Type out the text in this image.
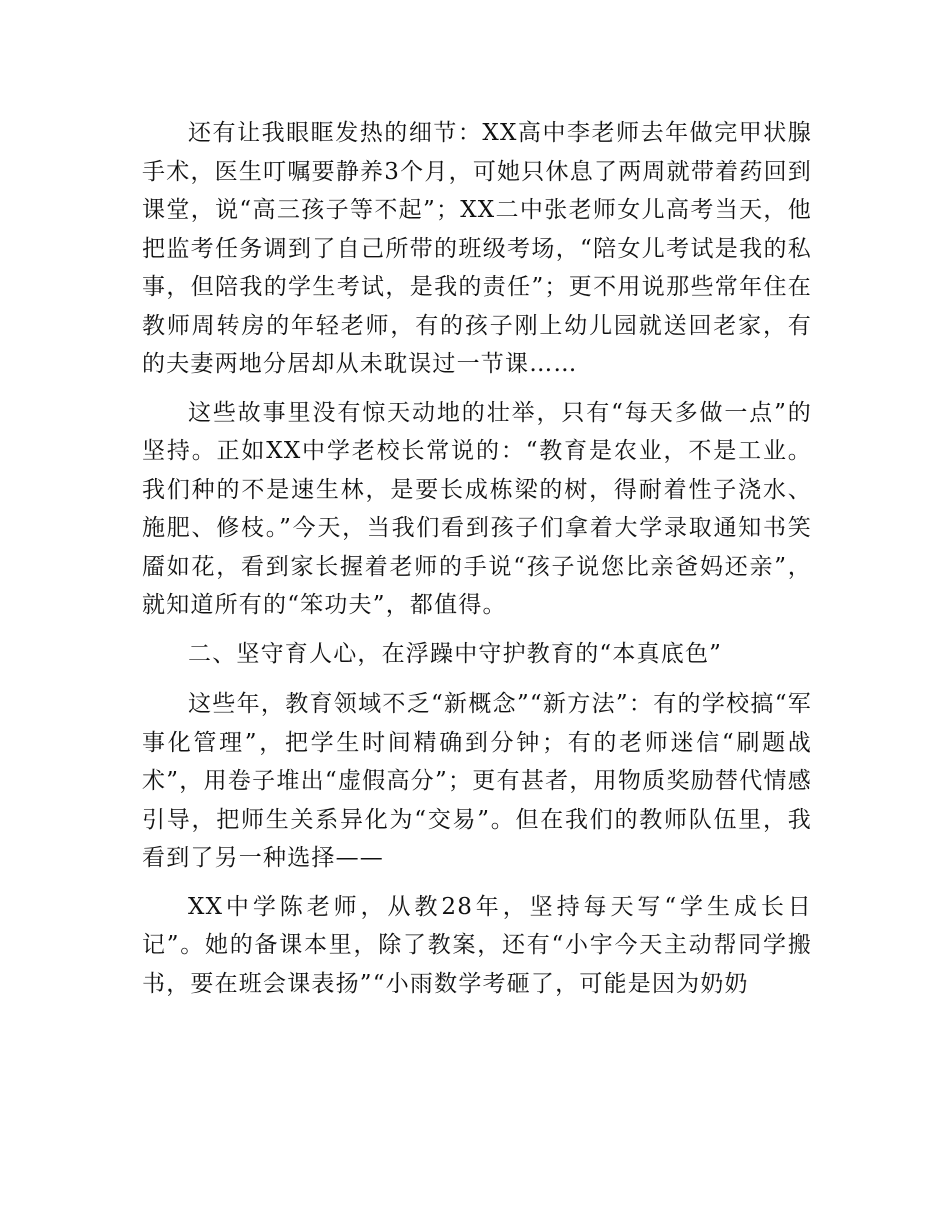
还有让我眼眶发热的细节：XX高中李老师去年做完甲状腺手术，医生叮嘱要静养3个月，可她只休息了两周就带着药回到课堂，说“高三孩子等不起”；XX二中张老师女儿高考当天，他把监考任务调到了自己所带的班级考场，“陪女儿考试是我的私事，但陪我的学生考试，是我的责任”；更不用说那些常年住在教师周转房的年轻老师，有的孩子刚上幼儿园就送回老家，有的夫妻两地分居却从未耽误过一节课……

这些故事里没有惊天动地的壮举，只有“每天多做一点”的坚持。正如XX中学老校长常说的：“教育是农业，不是工业。我们种的不是速生林，是要长成栋梁的树，得耐着性子浇水、施肥、修枝。”今天，当我们看到孩子们拿着大学录取通知书笑靥如花，看到家长握着老师的手说“孩子说您比亲爸妈还亲”，就知道所有的“笨功夫”，都值得。

二、坚守育人心，在浮躁中守护教育的“本真底色”

这些年，教育领域不乏“新概念”“新方法”：有的学校搞“军事化管理”，把学生时间精确到分钟；有的老师迷信“刷题战术”，用卷子堆出“虚假高分”；更有甚者，用物质奖励替代情感引导，把师生关系异化为“交易”。但在我们的教师队伍里，我看到了另一种选择——

XX中学陈老师，从教28年，坚持每天写“学生成长日记”。她的备课本里，除了教案，还有“小宇今天主动帮同学搬书，要在班会课表扬”“小雨数学考砸了，可能是因为奶奶
